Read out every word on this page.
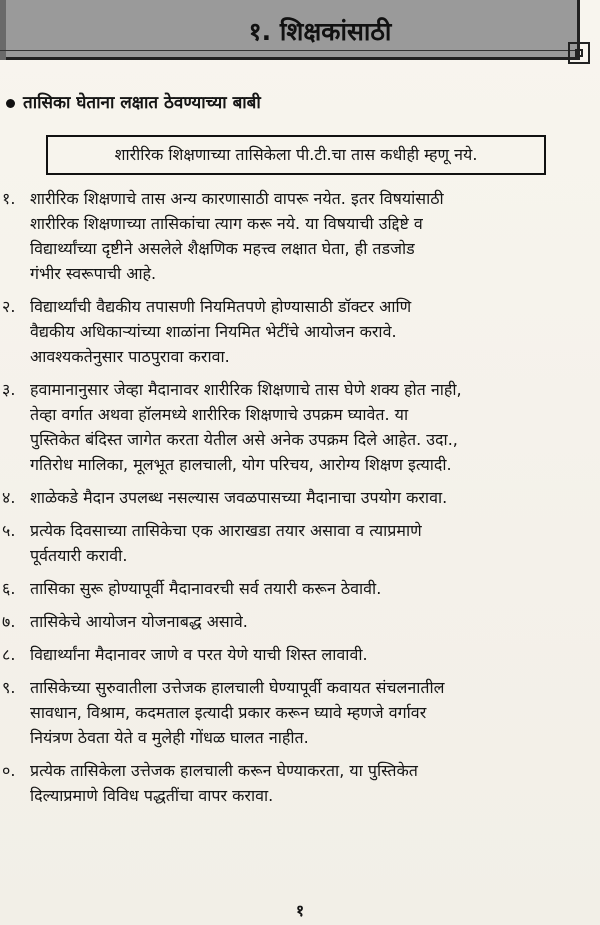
१. शिक्षकांसाठी
तासिका घेताना लक्षात ठेवण्याच्या बाबी
शारीरिक शिक्षणाच्या तासिकेला पी.टी.चा तास कधीही म्हणू नये.
१. शारीरिक शिक्षणाचे तास अन्य कारणासाठी वापरू नयेत. इतर विषयांसाठी
शारीरिक शिक्षणाच्या तासिकांचा त्याग करू नये. या विषयाची उद्दिष्टे व
विद्यार्थ्यांच्या दृष्टीने असलेले शैक्षणिक महत्त्व लक्षात घेता, ही तडजोड
गंभीर स्वरूपाची आहे.
२. विद्यार्थ्यांची वैद्यकीय तपासणी नियमितपणे होण्यासाठी डॉक्टर आणि
वैद्यकीय अधिकाऱ्यांच्या शाळांना नियमित भेटींचे आयोजन करावे.
आवश्यकतेनुसार पाठपुरावा करावा.
३. हवामानानुसार जेव्हा मैदानावर शारीरिक शिक्षणाचे तास घेणे शक्य होत नाही,
तेव्हा वर्गात अथवा हॉलमध्ये शारीरिक शिक्षणाचे उपक्रम घ्यावेत. या
पुस्तिकेत बंदिस्त जागेत करता येतील असे अनेक उपक्रम दिले आहेत. उदा.,
गतिरोध मालिका, मूलभूत हालचाली, योग परिचय, आरोग्य शिक्षण इत्यादी.
४. शाळेकडे मैदान उपलब्ध नसल्यास जवळपासच्या मैदानाचा उपयोग करावा.
५. प्रत्येक दिवसाच्या तासिकेचा एक आराखडा तयार असावा व त्याप्रमाणे
पूर्वतयारी करावी.
६. तासिका सुरू होण्यापूर्वी मैदानावरची सर्व तयारी करून ठेवावी.
७. तासिकेचे आयोजन योजनाबद्ध असावे.
८. विद्यार्थ्यांना मैदानावर जाणे व परत येणे याची शिस्त लावावी.
९. तासिकेच्या सुरुवातीला उत्तेजक हालचाली घेण्यापूर्वी कवायत संचलनातील
सावधान, विश्राम, कदमताल इत्यादी प्रकार करून घ्यावे म्हणजे वर्गावर
नियंत्रण ठेवता येते व मुलेही गोंधळ घालत नाहीत.
०. प्रत्येक तासिकेला उत्तेजक हालचाली करून घेण्याकरता, या पुस्तिकेत
दिल्याप्रमाणे विविध पद्धतींचा वापर करावा.
१
